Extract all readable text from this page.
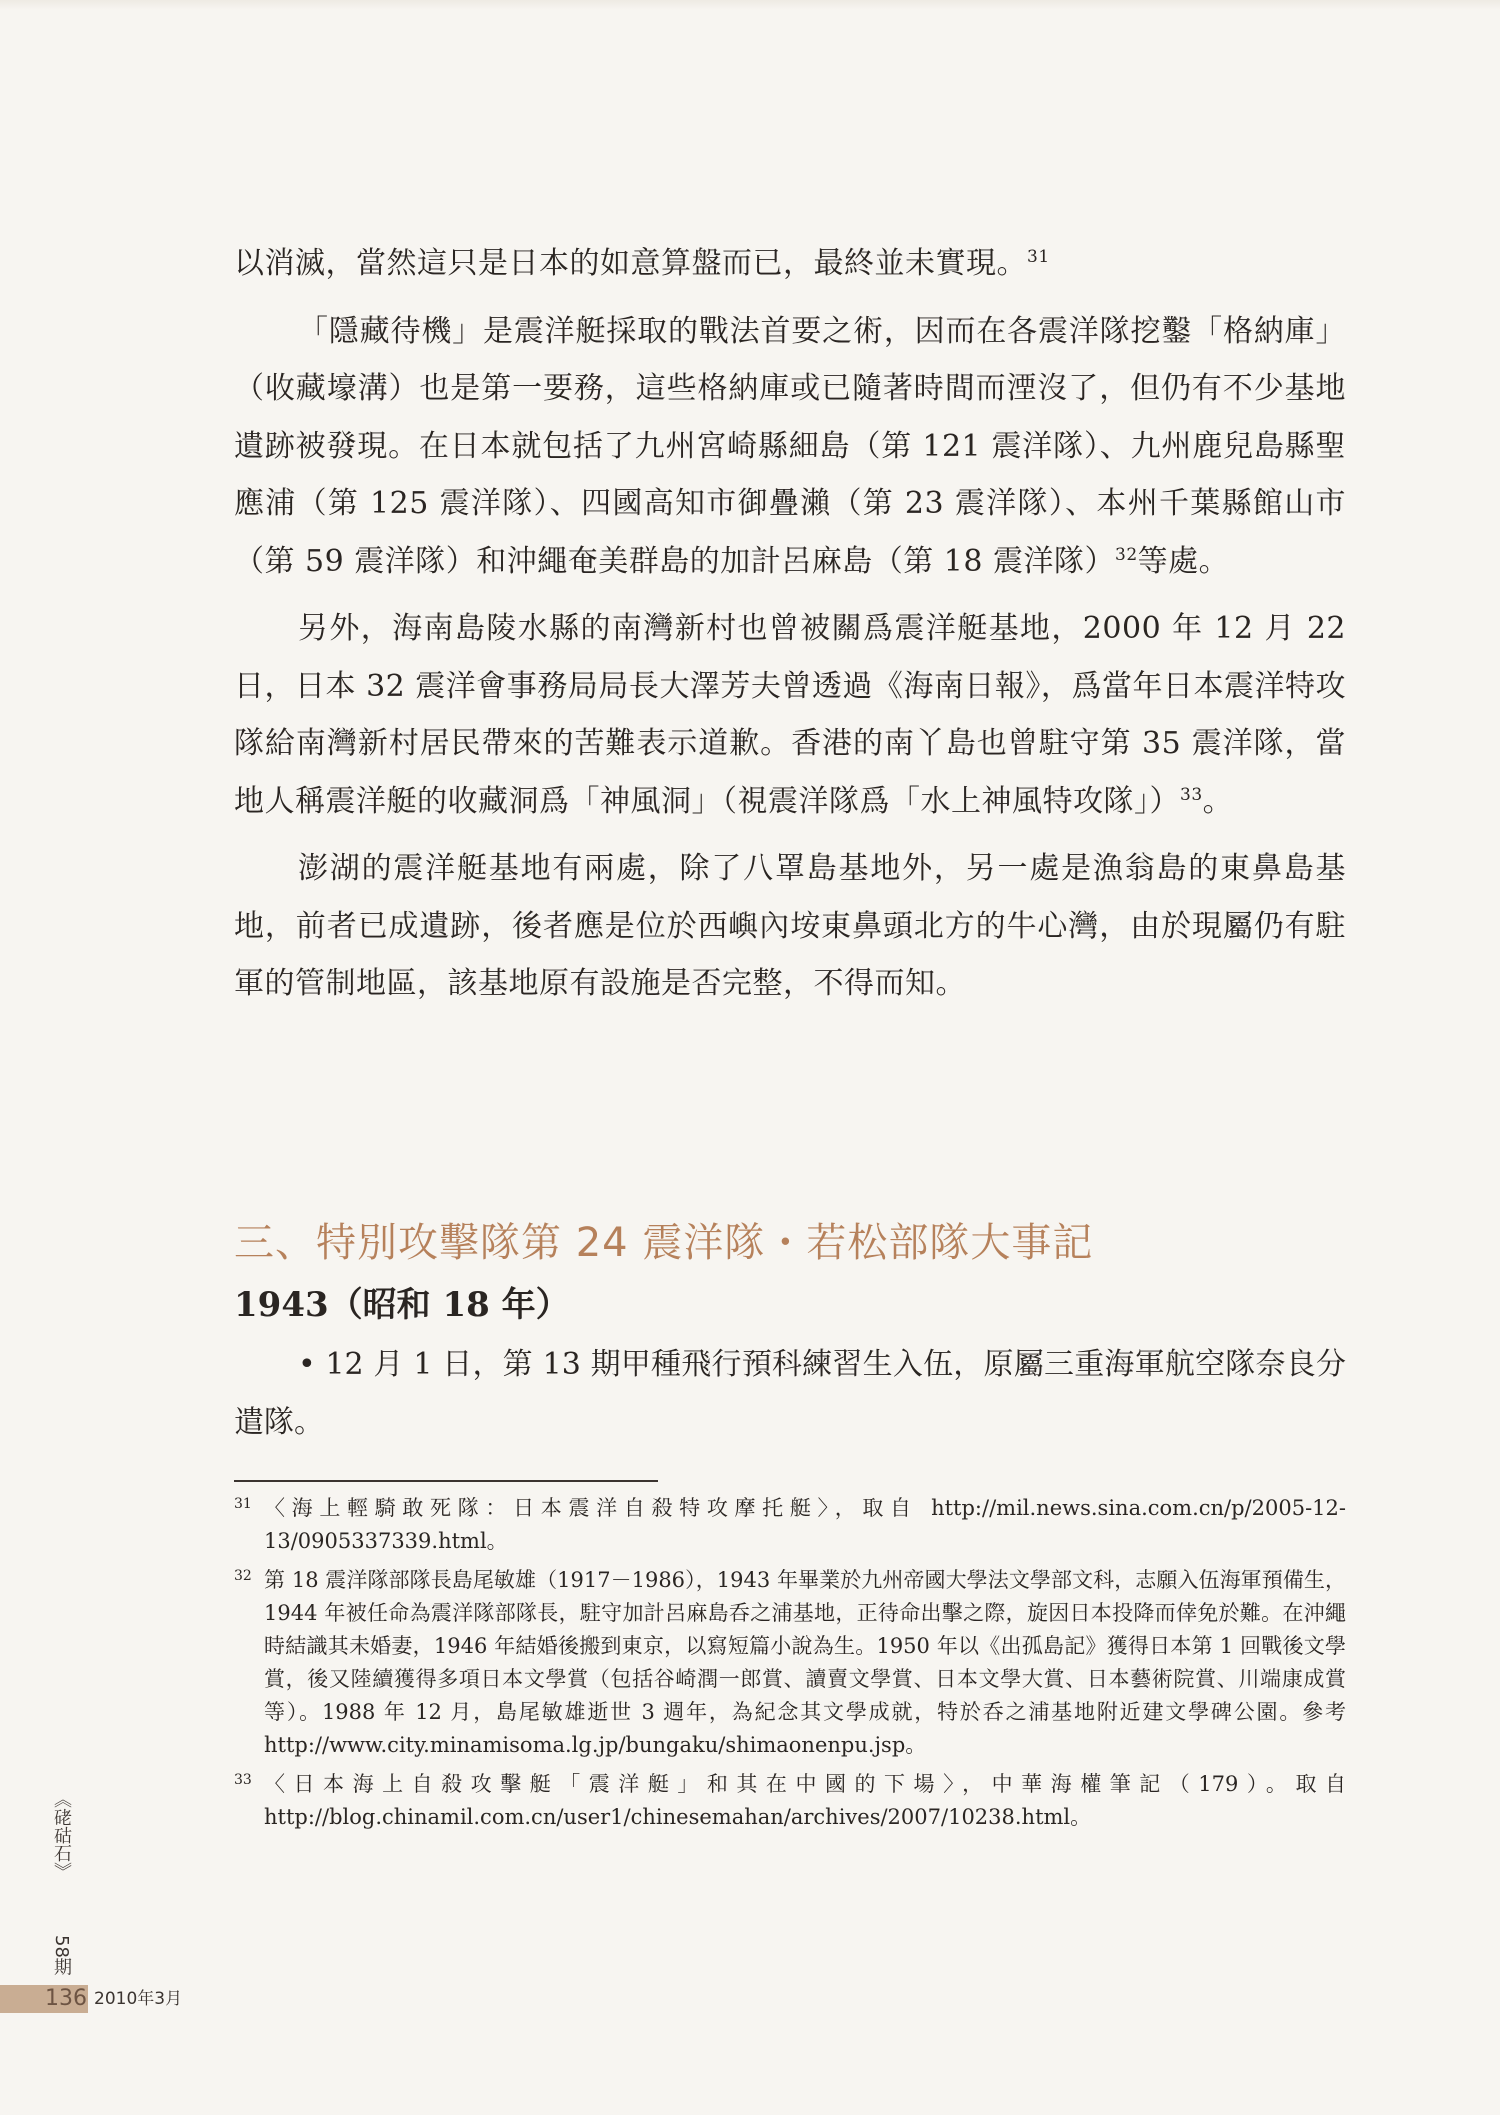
以消滅，當然這只是日本的如意算盤而已，最終並未實現。$^{31}$

「隱藏待機」是震洋艇採取的戰法首要之術，因而在各震洋隊挖鑿「格納庫」（收藏壕溝）也是第一要務，這些格納庫或已隨著時間而湮沒了，但仍有不少基地遺跡被發現。在日本就包括了九州宮崎縣細島（第 121 震洋隊）、九州鹿兒島縣聖應浦（第 125 震洋隊）、四國高知市御疊瀨（第 23 震洋隊）、本州千葉縣館山市（第 59 震洋隊）和沖繩奄美群島的加計呂麻島（第 18 震洋隊）$^{32}$等處。

另外，海南島陵水縣的南灣新村也曾被關爲震洋艇基地，2000 年 12 月 22 日，日本 32 震洋會事務局局長大澤芳夫曾透過《海南日報》，爲當年日本震洋特攻隊給南灣新村居民帶來的苦難表示道歉。香港的南丫島也曾駐守第 35 震洋隊，當地人稱震洋艇的收藏洞爲「神風洞」（視震洋隊爲「水上神風特攻隊」）$^{33}$。

澎湖的震洋艇基地有兩處，除了八罩島基地外，另一處是漁翁島的東鼻島基地，前者已成遺跡，後者應是位於西嶼內垵東鼻頭北方的牛心灣，由於現屬仍有駐軍的管制地區，該基地原有設施是否完整，不得而知。

三、特別攻擊隊第 24 震洋隊・若松部隊大事記
1943（昭和 18 年）

• 12 月 1 日，第 13 期甲種飛行預科練習生入伍，原屬三重海軍航空隊奈良分遣隊。

31 〈海上輕騎敢死隊：日本震洋自殺特攻摩托艇〉，取自 http://mil.news.sina.com.cn/p/2005-12-13/0905337339.html。

32 第 18 震洋隊部隊長島尾敏雄（1917－1986），1943 年畢業於九州帝國大學法文學部文科，志願入伍海軍預備生，1944 年被任命為震洋隊部隊長，駐守加計呂麻島呑之浦基地，正待命出擊之際，旋因日本投降而倖免於難。在沖繩時結識其未婚妻，1946 年結婚後搬到東京，以寫短篇小說為生。1950 年以《出孤島記》獲得日本第 1 回戰後文學賞，後又陸續獲得多項日本文學賞（包括谷崎潤一郎賞、讀賣文學賞、日本文學大賞、日本藝術院賞、川端康成賞等）。1988 年 12 月，島尾敏雄逝世 3 週年，為紀念其文學成就，特於呑之浦基地附近建文學碑公園。參考 http://www.city.minamisoma.lg.jp/bungaku/shimaonenpu.jsp。

33 〈日本海上自殺攻擊艇「震洋艇」和其在中國的下場〉，中華海權筆記（179）。取自 http://blog.chinamil.com.cn/user1/chinesemahan/archives/2007/10238.html。

《硓𥑮石》
58期
136 2010年3月
